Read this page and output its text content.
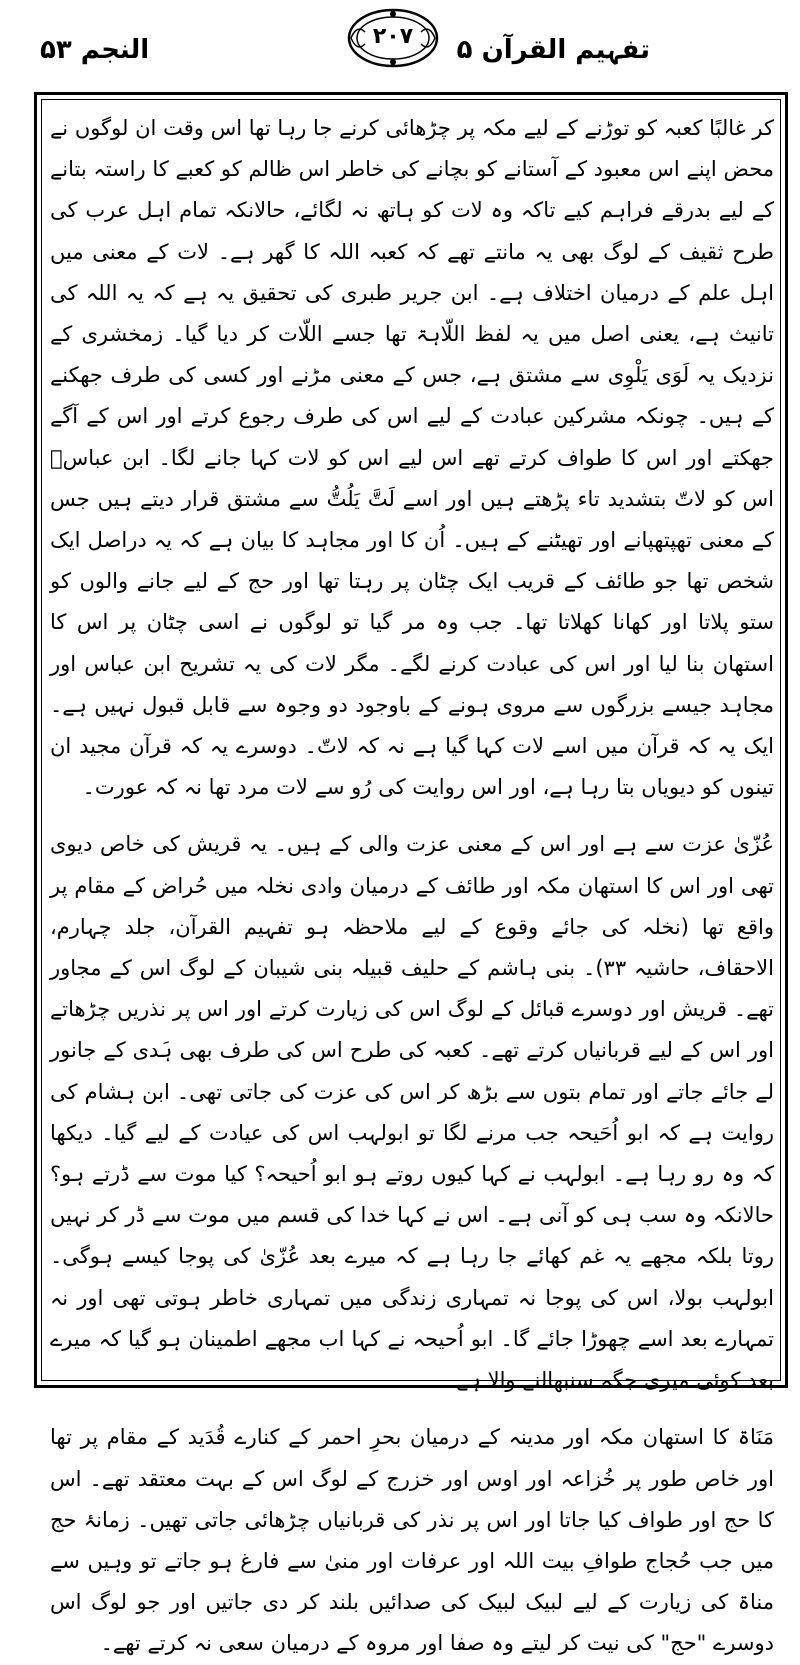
تفہیم القرآن ۵
۲۰۷
النجم ۵۳

کر غالبًا کعبہ کو توڑنے کے لیے مکہ پر چڑھائی کرنے جا رہا تھا اس وقت ان لوگوں نے محض اپنے اس معبود کے آستانے کو بچانے کی خاطر اس ظالم کو کعبے کا راستہ بتانے کے لیے بدرقے فراہم کیے تاکہ وہ لات کو ہاتھ نہ لگائے، حالانکہ تمام اہل عرب کی طرح ثقیف کے لوگ بھی یہ مانتے تھے کہ کعبہ اللہ کا گھر ہے۔ لات کے معنی میں اہل علم کے درمیان اختلاف ہے۔ ابن جریر طبری کی تحقیق یہ ہے کہ یہ اللہ کی تانیث ہے، یعنی اصل میں یہ لفظ اللّاہۃ تھا جسے اللّات کر دیا گیا۔ زمخشری کے نزدیک یہ لَوَی یَلْوِی سے مشتق ہے، جس کے معنی مڑنے اور کسی کی طرف جھکنے کے ہیں۔ چونکہ مشرکین عبادت کے لیے اس کی طرف رجوع کرتے اور اس کے آگے جھکتے اور اس کا طواف کرتے تھے اس لیے اس کو لات کہا جانے لگا۔ ابن عباسؓ اس کو لاتّ بتشدید تاء پڑھتے ہیں اور اسے لَتَّ یَلُتُّ سے مشتق قرار دیتے ہیں جس کے معنی تھپتھپانے اور تھیٹنے کے ہیں۔ اُن کا اور مجاہد کا بیان ہے کہ یہ دراصل ایک شخص تھا جو طائف کے قریب ایک چٹان پر رہتا تھا اور حج کے لیے جانے والوں کو ستو پلاتا اور کھانا کھلاتا تھا۔ جب وہ مر گیا تو لوگوں نے اسی چٹان پر اس کا استھان بنا لیا اور اس کی عبادت کرنے لگے۔ مگر لات کی یہ تشریح ابن عباس اور مجاہد جیسے بزرگوں سے مروی ہونے کے باوجود دو وجوہ سے قابل قبول نہیں ہے۔ ایک یہ کہ قرآن میں اسے لات کہا گیا ہے نہ کہ لاتّ۔ دوسرے یہ کہ قرآن مجید ان تینوں کو دیویاں بتا رہا ہے، اور اس روایت کی رُو سے لات مرد تھا نہ کہ عورت۔

عُزّیٰ عزت سے ہے اور اس کے معنی عزت والی کے ہیں۔ یہ قریش کی خاص دیوی تھی اور اس کا استھان مکہ اور طائف کے درمیان وادی نخلہ میں حُراض کے مقام پر واقع تھا (نخلہ کی جائے وقوع کے لیے ملاحظہ ہو تفہیم القرآن، جلد چہارم، الاحقاف، حاشیہ ۳۳)۔ بنی ہاشم کے حلیف قبیلہ بنی شیبان کے لوگ اس کے مجاور تھے۔ قریش اور دوسرے قبائل کے لوگ اس کی زیارت کرتے اور اس پر نذریں چڑھاتے اور اس کے لیے قربانیاں کرتے تھے۔ کعبہ کی طرح اس کی طرف بھی ہَدی کے جانور لے جائے جاتے اور تمام بتوں سے بڑھ کر اس کی عزت کی جاتی تھی۔ ابن ہشام کی روایت ہے کہ ابو اُحَیحہ جب مرنے لگا تو ابولہب اس کی عیادت کے لیے گیا۔ دیکھا کہ وہ رو رہا ہے۔ ابولہب نے کہا کیوں روتے ہو ابو اُحیحہ؟ کیا موت سے ڈرتے ہو؟ حالانکہ وہ سب ہی کو آنی ہے۔ اس نے کہا خدا کی قسم میں موت سے ڈر کر نہیں روتا بلکہ مجھے یہ غم کھائے جا رہا ہے کہ میرے بعد عُزّیٰ کی پوجا کیسے ہوگی۔ ابولہب بولا، اس کی پوجا نہ تمہاری زندگی میں تمہاری خاطر ہوتی تھی اور نہ تمہارے بعد اسے چھوڑا جائے گا۔ ابو اُحیحہ نے کہا اب مجھے اطمینان ہو گیا کہ میرے بعد کوئی میری جگہ سنبھالنے والا ہے۔

مَنَاۃ کا استھان مکہ اور مدینہ کے درمیان بحرِ احمر کے کنارے قُدَید کے مقام پر تھا اور خاص طور پر خُزاعہ اور اوس اور خزرج کے لوگ اس کے بہت معتقد تھے۔ اس کا حج اور طواف کیا جاتا اور اس پر نذر کی قربانیاں چڑھائی جاتی تھیں۔ زمانۂ حج میں جب حُجاج طوافِ بیت اللہ اور عرفات اور منیٰ سے فارغ ہو جاتے تو وہیں سے مناۃ کی زیارت کے لیے لبیک لبیک کی صدائیں بلند کر دی جاتیں اور جو لوگ اس دوسرے "حج" کی نیت کر لیتے وہ صفا اور مروہ کے درمیان سعی نہ کرتے تھے۔
